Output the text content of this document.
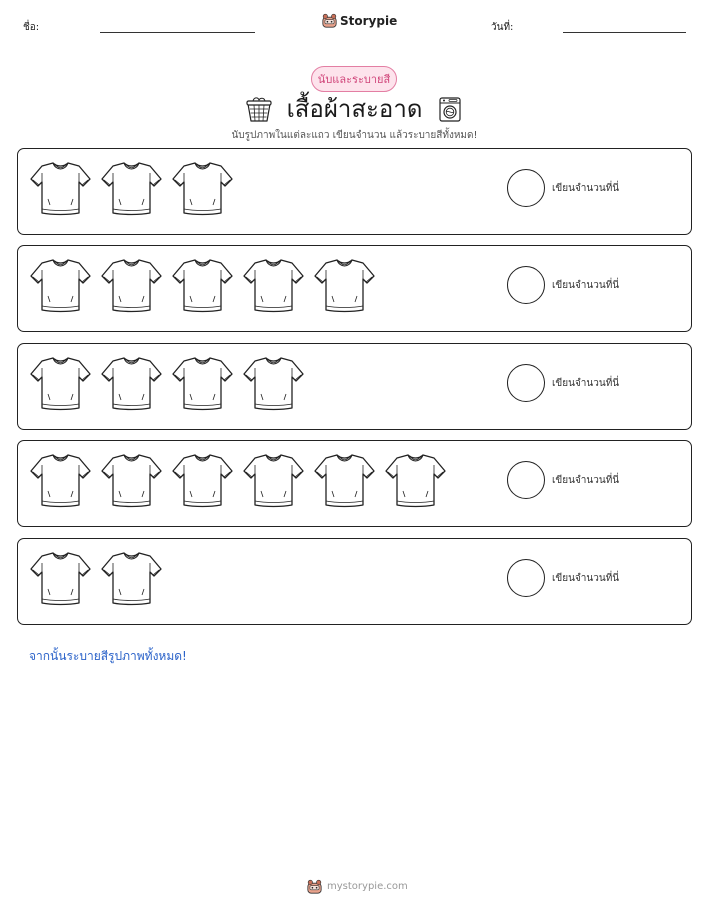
ชื่อ:	Storypie	วันที่:
นับและระบายสี
เสื้อผ้าสะอาด
นับรูปภาพในแต่ละแถว เขียนจำนวน แล้วระบายสีทั้งหมด!
เขียนจำนวนที่นี่
เขียนจำนวนที่นี่
เขียนจำนวนที่นี่
เขียนจำนวนที่นี่
เขียนจำนวนที่นี่
จากนั้นระบายสีรูปภาพทั้งหมด!
mystorypie.com
